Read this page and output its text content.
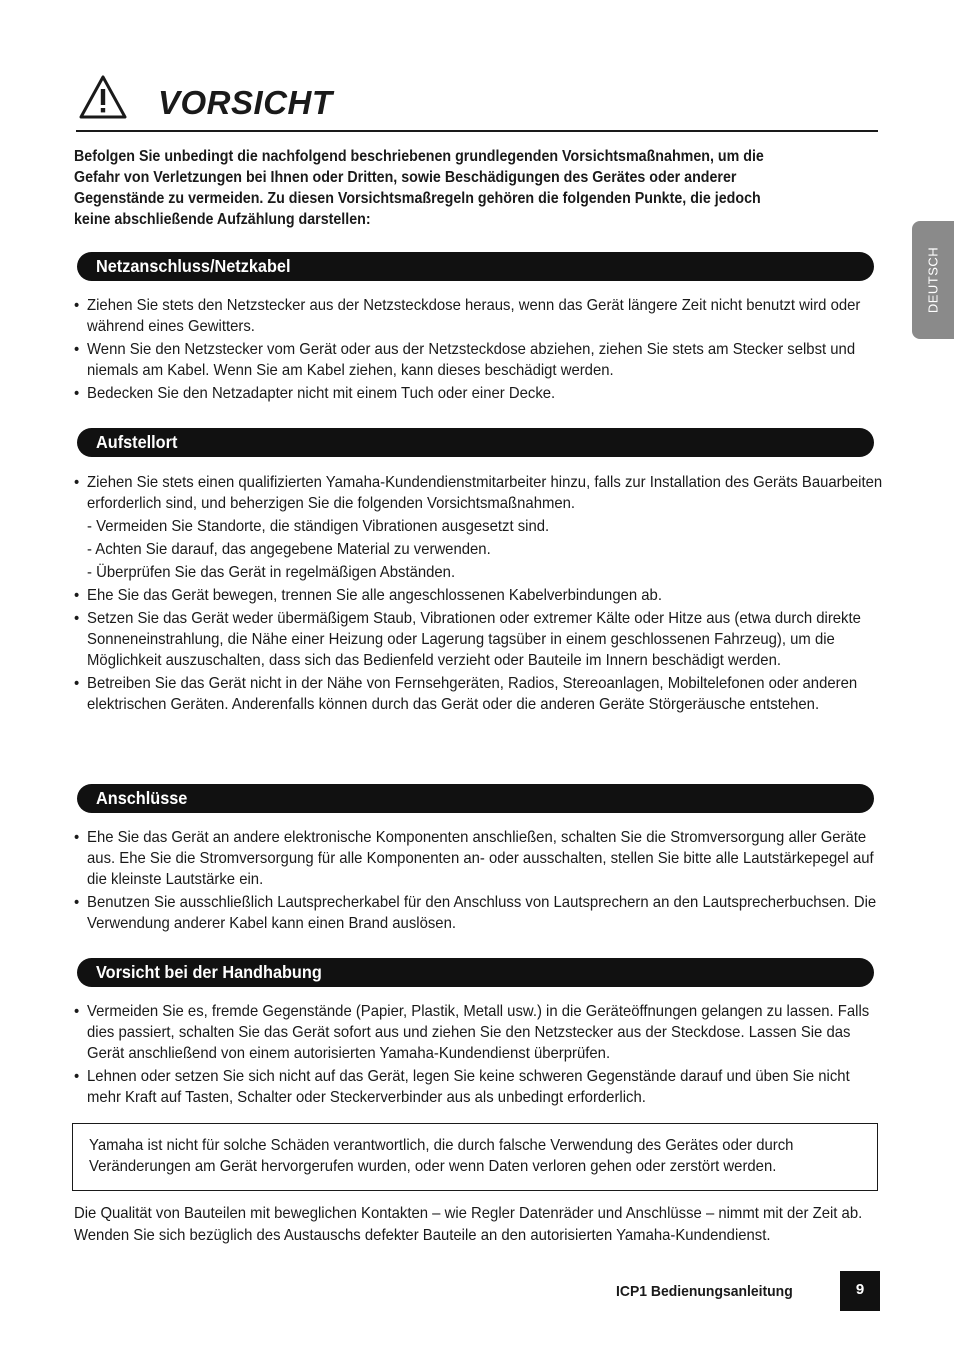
VORSICHT
Befolgen Sie unbedingt die nachfolgend beschriebenen grundlegenden Vorsichtsmaßnahmen, um die Gefahr von Verletzungen bei Ihnen oder Dritten, sowie Beschädigungen des Gerätes oder anderer Gegenstände zu vermeiden. Zu diesen Vorsichtsmaßregeln gehören die folgenden Punkte, die jedoch keine abschließende Aufzählung darstellen:
DEUTSCH
Netzanschluss/Netzkabel
• Ziehen Sie stets den Netzstecker aus der Netzsteckdose heraus, wenn das Gerät längere Zeit nicht benutzt wird oder während eines Gewitters.
• Wenn Sie den Netzstecker vom Gerät oder aus der Netzsteckdose abziehen, ziehen Sie stets am Stecker selbst und niemals am Kabel. Wenn Sie am Kabel ziehen, kann dieses beschädigt werden.
• Bedecken Sie den Netzadapter nicht mit einem Tuch oder einer Decke.
Aufstellort
• Ziehen Sie stets einen qualifizierten Yamaha-Kundendienstmitarbeiter hinzu, falls zur Installation des Geräts Bauarbeiten erforderlich sind, und beherzigen Sie die folgenden Vorsichtsmaßnahmen.
- Vermeiden Sie Standorte, die ständigen Vibrationen ausgesetzt sind.
- Achten Sie darauf, das angegebene Material zu verwenden.
- Überprüfen Sie das Gerät in regelmäßigen Abständen.
• Ehe Sie das Gerät bewegen, trennen Sie alle angeschlossenen Kabelverbindungen ab.
• Setzen Sie das Gerät weder übermäßigem Staub, Vibrationen oder extremer Kälte oder Hitze aus (etwa durch direkte Sonneneinstrahlung, die Nähe einer Heizung oder Lagerung tagsüber in einem geschlossenen Fahrzeug), um die Möglichkeit auszuschalten, dass sich das Bedienfeld verzieht oder Bauteile im Innern beschädigt werden.
• Betreiben Sie das Gerät nicht in der Nähe von Fernsehgeräten, Radios, Stereoanlagen, Mobiltelefonen oder anderen elektrischen Geräten. Anderenfalls können durch das Gerät oder die anderen Geräte Störgeräusche entstehen.
Anschlüsse
• Ehe Sie das Gerät an andere elektronische Komponenten anschließen, schalten Sie die Stromversorgung aller Geräte aus. Ehe Sie die Stromversorgung für alle Komponenten an- oder ausschalten, stellen Sie bitte alle Lautstärkepegel auf die kleinste Lautstärke ein.
• Benutzen Sie ausschließlich Lautsprecherkabel für den Anschluss von Lautsprechern an den Lautsprecherbuchsen. Die Verwendung anderer Kabel kann einen Brand auslösen.
Vorsicht bei der Handhabung
• Vermeiden Sie es, fremde Gegenstände (Papier, Plastik, Metall usw.) in die Geräteöffnungen gelangen zu lassen. Falls dies passiert, schalten Sie das Gerät sofort aus und ziehen Sie den Netzstecker aus der Steckdose. Lassen Sie das Gerät anschließend von einem autorisierten Yamaha-Kundendienst überprüfen.
• Lehnen oder setzen Sie sich nicht auf das Gerät, legen Sie keine schweren Gegenstände darauf und üben Sie nicht mehr Kraft auf Tasten, Schalter oder Steckerverbinder aus als unbedingt erforderlich.

Yamaha ist nicht für solche Schäden verantwortlich, die durch falsche Verwendung des Gerätes oder durch Veränderungen am Gerät hervorgerufen wurden, oder wenn Daten verloren gehen oder zerstört werden.

Die Qualität von Bauteilen mit beweglichen Kontakten – wie Regler Datenräder und Anschlüsse – nimmt mit der Zeit ab. Wenden Sie sich bezüglich des Austauschs defekter Bauteile an den autorisierten Yamaha-Kundendienst.

ICP1 Bedienungsanleitung	9
